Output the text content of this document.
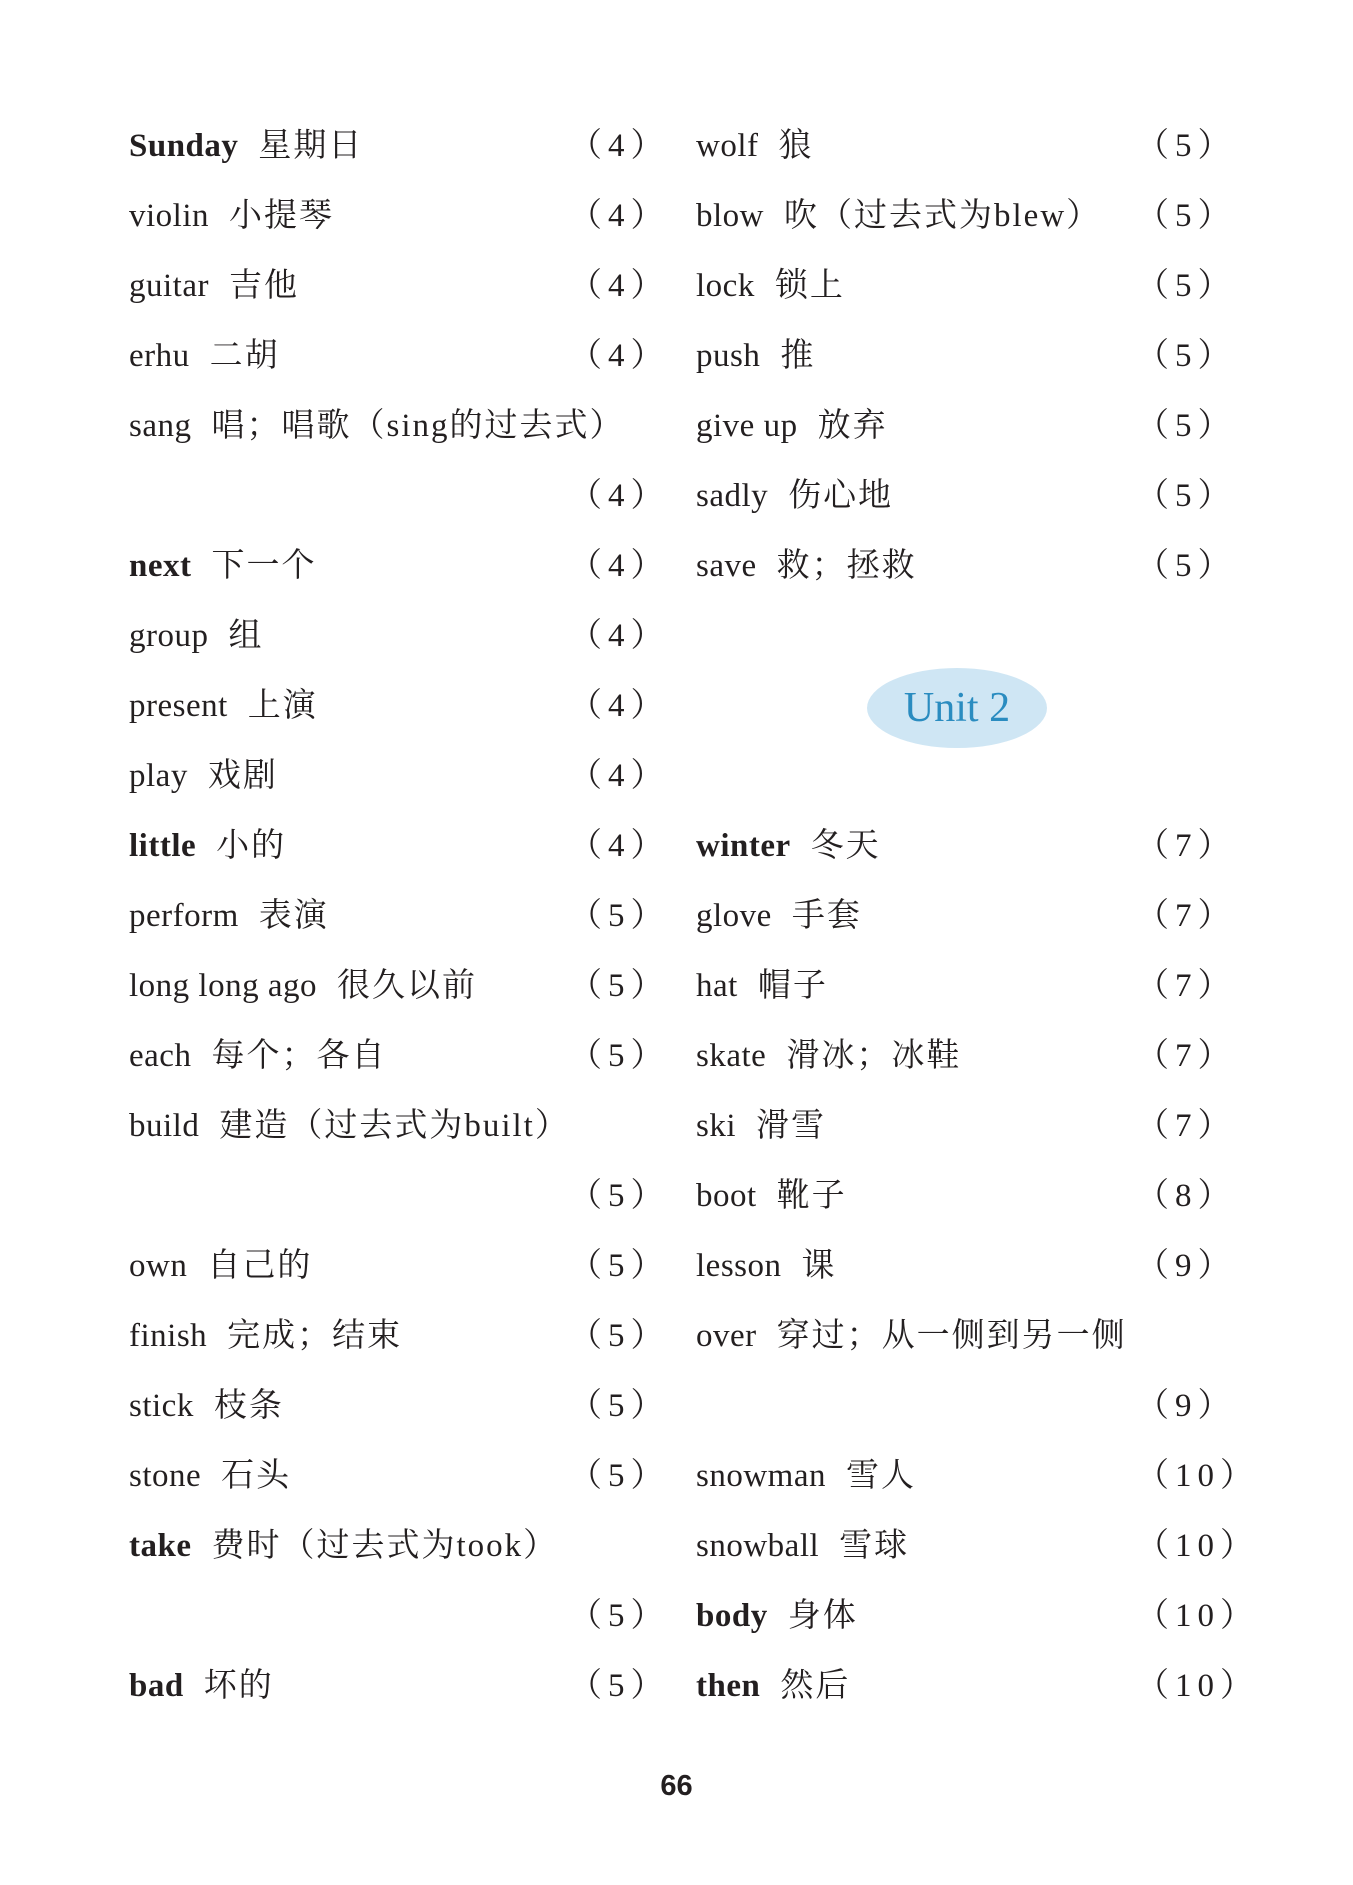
Sunday 星期日	（4）
violin 小提琴	（4）
guitar 吉他	（4）
erhu 二胡	（4）
sang 唱；唱歌（sing的过去式）
（4）
next 下一个	（4）
group 组	（4）
present 上演	（4）
play 戏剧	（4）
little 小的	（4）
perform 表演	（5）
long long ago 很久以前	（5）
each 每个；各自	（5）
build 建造（过去式为built）
（5）
own 自己的	（5）
finish 完成；结束	（5）
stick 枝条	（5）
stone 石头	（5）
take 费时（过去式为took）
（5）
bad 坏的	（5）
wolf 狼	（5）
blow 吹（过去式为blew） （5）
lock 锁上	（5）
push 推	（5）
give up 放弃	（5）
sadly 伤心地	（5）
save 救；拯救	（5）
winter 冬天	（7）
glove 手套	（7）
hat 帽子	（7）
skate 滑冰；冰鞋	（7）
ski 滑雪	（7）
boot 靴子	（8）
lesson 课	（9）
over 穿过；从一侧到另一侧
（9）
snowman 雪人	（10）
snowball 雪球	（10）
body 身体	（10）
then 然后	（10）
Unit 2
66
